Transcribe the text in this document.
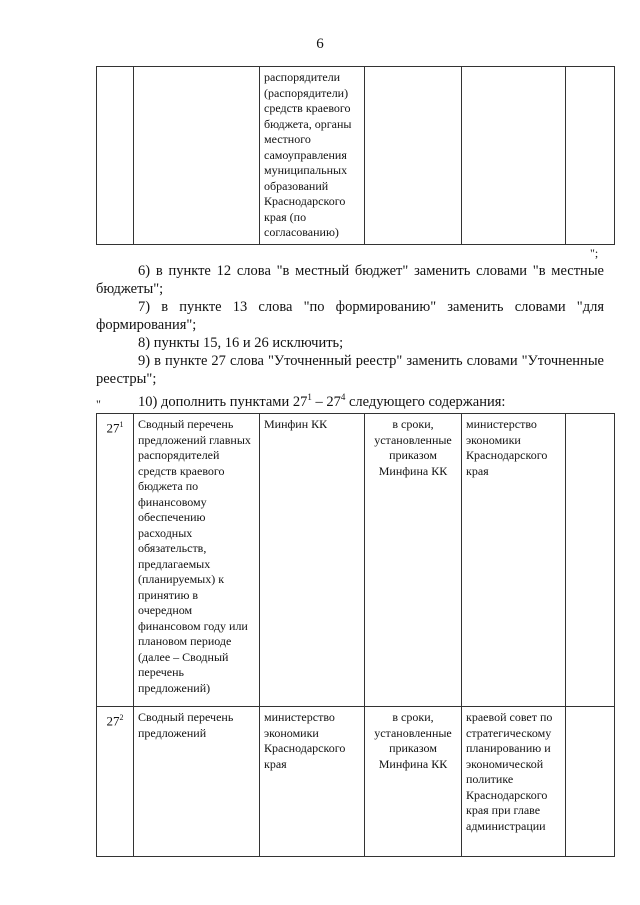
6
		распорядители (распорядители) средств краевого бюджета, органы местного самоуправления муниципальных образований Краснодарского края (по согласованию)			
";
6) в пункте 12 слова "в местный бюджет" заменить словами "в местные бюджеты";
7) в пункте 13 слова "по формированию" заменить словами "для формирования";
8) пункты 15, 16 и 26 исключить;
9) в пункте 27 слова "Уточненный реестр" заменить словами "Уточненные реестры";
10) дополнить пунктами $27^1 - 27^4$ следующего содержания:
"
$27^1$	Сводный перечень предложений главных распорядителей средств краевого бюджета по финансовому обеспечению расходных обязательств, предлагаемых (планируемых) к принятию в очередном финансовом году или плановом периоде (далее – Сводный перечень предложений)	Минфин КК	в сроки, установленные приказом Минфина КК	министерство экономики Краснодарского края	
$27^2$	Сводный перечень предложений	министерство экономики Краснодарского края	в сроки, установленные приказом Минфина КК	краевой совет по стратегическому планированию и экономической политике Краснодарского края при главе администрации	
